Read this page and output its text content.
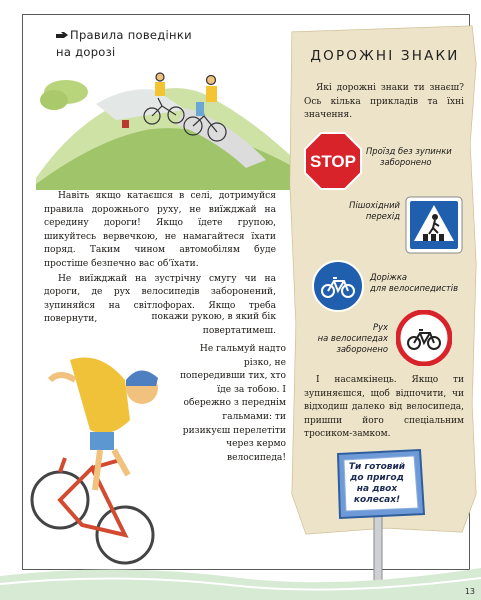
Правила поведінки
на дорозі

Навіть якщо катаєшся в селі, дотримуйся правила дорожнього руху, не виїжджай на середину дороги! Якщо їдете групою, шикуйтесь вервечкою, не намагайтеся їхати поряд. Таким чином автомобілям буде простіше безпечно вас об’їхати.

Не виїжджай на зустрічну смугу чи на дороги, де рух велосипедів заборонений, зупиняйся на світлофорах. Якщо треба повернути,	покажи рукою, в який бік
повертатимеш.
Не гальмуй надто різко, не попередивши тих, хто їде за тобою. І обережно з переднім гальмами: ти ризикуєш перелетіти через кермо велосипеда!
ДОРОЖНІ ЗНАКИ
Які дорожні знаки ти знаєш? Ось кілька прикладів та їхні значення.
STOP
Проїзд без зупинки
заборонено
Пішохідний
перехід
Доріжка
для велосипедистів
Рух
на велосипедах
заборонено
І насамкінець. Якщо ти зупиняєшся, щоб відпочити, чи відходиш далеко від велосипеда, пришпи його спеціальним тросиком-замком.
Ти готовий
до пригод
на двох
колесах!
13
